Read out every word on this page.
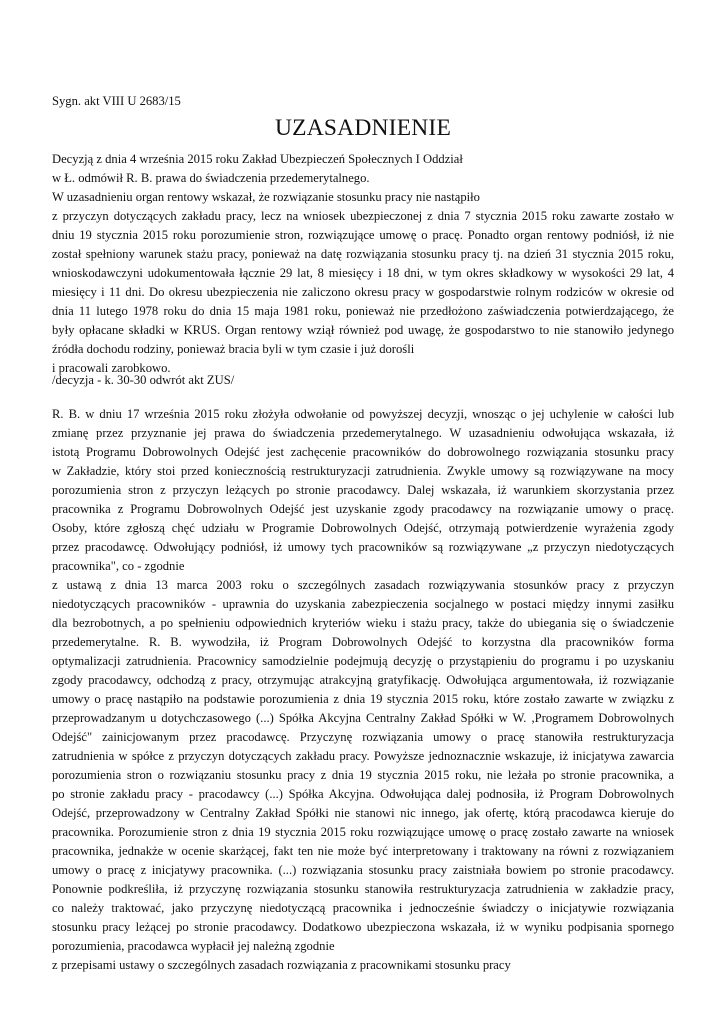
Sygn. akt VIII U 2683/15
UZASADNIENIE
Decyzją z dnia 4 września 2015 roku Zakład Ubezpieczeń Społecznych I Oddział
w Ł. odmówił R. B. prawa do świadczenia przedemerytalnego.
W uzasadnieniu organ rentowy wskazał, że rozwiązanie stosunku pracy nie nastąpiło
z przyczyn dotyczących zakładu pracy, lecz na wniosek ubezpieczonej z dnia 7 stycznia 2015 roku zawarte zostało w
dniu 19 stycznia 2015 roku porozumienie stron, rozwiązujące umowę o pracę. Ponadto organ rentowy podniósł, iż nie
został spełniony warunek stażu pracy, ponieważ na datę rozwiązania stosunku pracy tj. na dzień 31 stycznia 2015 roku,
wnioskodawczyni udokumentowała łącznie 29 lat, 8 miesięcy i 18 dni, w tym okres składkowy w wysokości 29 lat, 4
miesięcy i 11 dni. Do okresu ubezpieczenia nie zaliczono okresu pracy w gospodarstwie rolnym rodziców w okresie od
dnia 11 lutego 1978 roku do dnia 15 maja 1981 roku, ponieważ nie przedłożono zaświadczenia potwierdzającego, że
były opłacane składki w KRUS. Organ rentowy wziął również pod uwagę, że gospodarstwo to nie stanowiło jedynego
źródła dochodu rodziny, ponieważ bracia byli w tym czasie i już dorośli
i pracowali zarobkowo.
/decyzja - k. 30-30 odwrót akt ZUS/
R. B. w dniu 17 września 2015 roku złożyła odwołanie od powyższej decyzji, wnosząc o jej uchylenie w całości lub
zmianę przez przyznanie jej prawa do świadczenia przedemerytalnego. W uzasadnieniu odwołująca wskazała, iż
istotą Programu Dobrowolnych Odejść jest zachęcenie pracowników do dobrowolnego rozwiązania stosunku pracy
w Zakładzie, który stoi przed koniecznością restrukturyzacji zatrudnienia. Zwykle umowy są rozwiązywane na mocy
porozumienia stron z przyczyn leżących po stronie pracodawcy. Dalej wskazała, iż warunkiem skorzystania przez
pracownika z Programu Dobrowolnych Odejść jest uzyskanie zgody pracodawcy na rozwiązanie umowy o pracę.
Osoby, które zgłoszą chęć udziału w Programie Dobrowolnych Odejść, otrzymają potwierdzenie wyrażenia zgody
przez pracodawcę. Odwołujący podniósł, iż umowy tych pracowników są rozwiązywane „z przyczyn niedotyczących
pracownika", co - zgodnie
z ustawą z dnia 13 marca 2003 roku o szczególnych zasadach rozwiązywania stosunków pracy z przyczyn
niedotyczących pracowników - uprawnia do uzyskania zabezpieczenia socjalnego w postaci między innymi zasiłku
dla bezrobotnych, a po spełnieniu odpowiednich kryteriów wieku i stażu pracy, także do ubiegania się o świadczenie
przedemerytalne. R. B. wywodziła, iż Program Dobrowolnych Odejść to korzystna dla pracowników forma
optymalizacji zatrudnienia. Pracownicy samodzielnie podejmują decyzję o przystąpieniu do programu i po uzyskaniu
zgody pracodawcy, odchodzą z pracy, otrzymując atrakcyjną gratyfikację. Odwołująca argumentowała, iż rozwiązanie
umowy o pracę nastąpiło na podstawie porozumienia z dnia 19 stycznia 2015 roku, które zostało zawarte w związku z
przeprowadzanym u dotychczasowego (...) Spółka Akcyjna Centralny Zakład Spółki w W. ,Programem Dobrowolnych
Odejść" zainicjowanym przez pracodawcę. Przyczynę rozwiązania umowy o pracę stanowiła restrukturyzacja
zatrudnienia w spółce z przyczyn dotyczących zakładu pracy. Powyższe jednoznacznie wskazuje, iż inicjatywa zawarcia
porozumienia stron o rozwiązaniu stosunku pracy z dnia 19 stycznia 2015 roku, nie leżała po stronie pracownika, a
po stronie zakładu pracy - pracodawcy (...) Spółka Akcyjna. Odwołująca dalej podnosiła, iż Program Dobrowolnych
Odejść, przeprowadzony w Centralny Zakład Spółki nie stanowi nic innego, jak ofertę, którą pracodawca kieruje do
pracownika. Porozumienie stron z dnia 19 stycznia 2015 roku rozwiązujące umowę o pracę zostało zawarte na wniosek
pracownika, jednakże w ocenie skarżącej, fakt ten nie może być interpretowany i traktowany na równi z rozwiązaniem
umowy o pracę z inicjatywy pracownika. (...) rozwiązania stosunku pracy zaistniała bowiem po stronie pracodawcy.
Ponownie podkreśliła, iż przyczynę rozwiązania stosunku stanowiła restrukturyzacja zatrudnienia w zakładzie pracy,
co należy traktować, jako przyczynę niedotyczącą pracownika i jednocześnie świadczy o inicjatywie rozwiązania
stosunku pracy leżącej po stronie pracodawcy. Dodatkowo ubezpieczona wskazała, iż w wyniku podpisania spornego
porozumienia, pracodawca wypłacił jej należną zgodnie
z przepisami ustawy o szczególnych zasadach rozwiązania z pracownikami stosunku pracy
